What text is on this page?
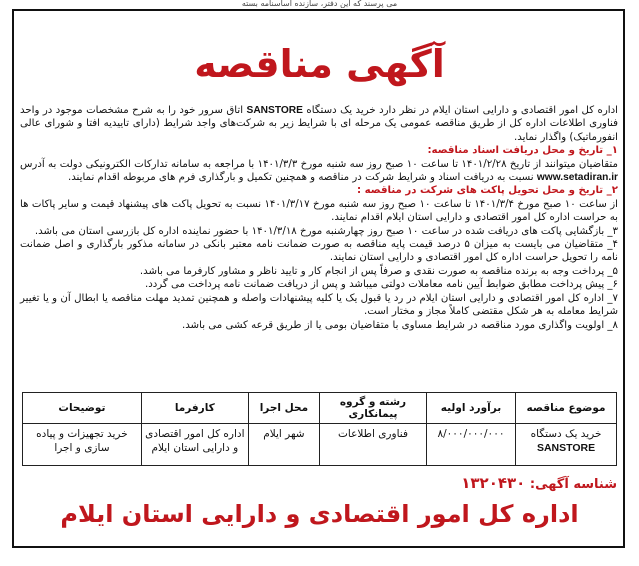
می پرسند که این دفتر، سازنده اساسنامه بسته
آگهی مناقصه

اداره کل امور اقتصادی و دارایی استان ایلام در نظر دارد خرید یک دستگاه SANSTORE اتاق سرور خود را به شرح مشخصات موجود در واحد فناوری اطلاعات اداره کل از طریق مناقصه عمومی یک مرحله ای با شرایط زیر به شرکت‌های واجد شرایط (دارای تاییدیه افتا و شورای عالی انفورماتیک) واگذار نماید.

۱_ تاریخ و محل دریافت اسناد مناقصه:

متقاضیان میتوانند از تاریخ ۱۴۰۱/۲/۲۸ تا ساعت ۱۰ صبح روز سه شنبه مورخ ۱۴۰۱/۳/۳ با مراجعه به سامانه تدارکات الکترونیکی دولت به آدرس www.setadiran.ir نسبت به دریافت اسناد و شرایط شرکت در مناقصه و همچنین تکمیل و بارگذاری فرم های مربوطه اقدام نمایند.

۲_ تاریخ و محل تحویل پاکت های شرکت در مناقصه :

از ساعت ۱۰ صبح مورخ ۱۴۰۱/۳/۴ تا ساعت ۱۰ صبح روز سه شنبه مورخ ۱۴۰۱/۳/۱۷ نسبت به تحویل پاکت های پیشنهاد قیمت و سایر پاکات ها به حراست اداره کل امور اقتصادی و دارایی استان ایلام اقدام نمایند.

۳_ بازگشایی پاکت های دریافت شده در ساعت ۱۰ صبح روز چهارشنبه مورخ ۱۴۰۱/۳/۱۸ با حضور نماینده اداره کل بازرسی استان می باشد.

۴_ متقاضیان می بایست به میزان ۵ درصد قیمت پایه مناقصه به صورت ضمانت نامه معتبر بانکی در سامانه مذکور بارگذاری و اصل ضمانت نامه را تحویل حراست اداره کل امور اقتصادی و دارایی استان نمایند.

۵_ پرداخت وجه به برنده مناقصه به صورت نقدی و صرفاً پس از انجام کار و تایید ناظر و مشاور کارفرما می باشد.

۶_ پیش پرداخت مطابق ضوابط آیین نامه معاملات دولتی میباشد و پس از دریافت ضمانت نامه پرداخت می گردد.

۷_ اداره کل امور اقتصادی و دارایی استان ایلام در رد یا قبول یک یا کلیه پیشنهادات واصله و همچنین تمدید مهلت مناقصه یا ابطال آن و یا تغییر شرایط معامله به هر شکل مقتضی کاملاً مجاز و مختار است.

۸_ اولویت واگذاری مورد مناقصه در شرایط مساوی با متقاضیان بومی یا از طریق قرعه کشی می باشد.

موضوع مناقصه	برآورد اولیه	رشته و گروه پیمانکاری	محل اجرا	کارفرما	توضیحات

خرید یک دستگاه
SANSTORE	۸/۰۰۰/۰۰۰/۰۰۰	فناوری اطلاعات	شهر ایلام	اداره کل امور اقتصادی و دارایی استان ایلام	خرید تجهیزات و پیاده سازی و اجرا
شناسه آگهی: ۱۳۲۰۴۳۰
اداره کل امور اقتصادی و دارایی استان ایلام
